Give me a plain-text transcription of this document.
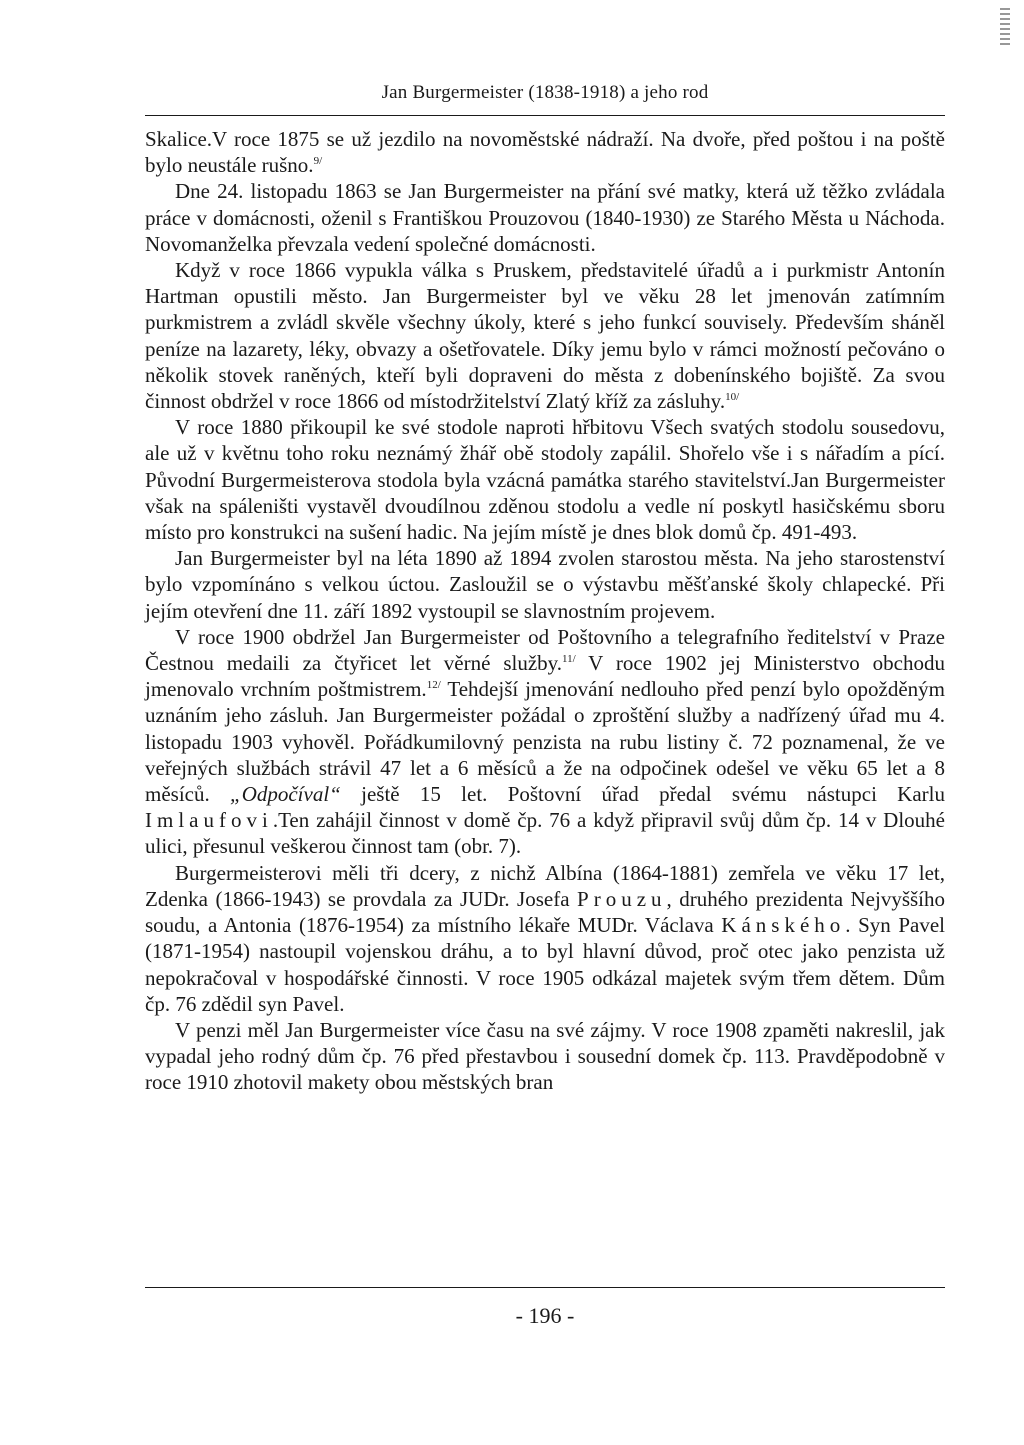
Jan Burgermeister (1838-1918) a jeho rod

Skalice.V roce 1875 se už jezdilo na novoměstské nádraží. Na dvoře, před poštou i na poště bylo neustále rušno.$^{9/}$

Dne 24. listopadu 1863 se Jan Burgermeister na přání své matky, která už těžko zvládala práce v domácnosti, oženil s Františkou Prouzovou (1840-1930) ze Starého Města u Náchoda. Novomanželka převzala vedení společné domácnosti.

Když v roce 1866 vypukla válka s Pruskem, představitelé úřadů a i purkmistr Antonín Hartman opustili město. Jan Burgermeister byl ve věku 28 let jmenován zatímním purkmistrem a zvládl skvěle všechny úkoly, které s jeho funkcí souvisely. Především sháněl peníze na lazarety, léky, obvazy a ošetřovatele. Díky jemu bylo v rámci možností pečováno o několik stovek raněných, kteří byli dopraveni do města z dobenínského bojiště. Za svou činnost obdržel v roce 1866 od místodržitelství Zlatý kříž za zásluhy.$^{10/}$

V roce 1880 přikoupil ke své stodole naproti hřbitovu Všech svatých stodolu sousedovu, ale už v květnu toho roku neznámý žhář obě stodoly zapálil. Shořelo vše i s nářadím a pící. Původní Burgermeisterova stodola byla vzácná památka starého stavitelství.Jan Burgermeister však na spáleništi vystavěl dvoudílnou zděnou stodolu a vedle ní poskytl hasičskému sboru místo pro konstrukci na sušení hadic. Na jejím místě je dnes blok domů čp. 491-493.

Jan Burgermeister byl na léta 1890 až 1894 zvolen starostou města. Na jeho starostenství bylo vzpomínáno s velkou úctou. Zasloužil se o výstavbu měšťanské školy chlapecké. Při jejím otevření dne 11. září 1892 vystoupil se slavnostním projevem.

V roce 1900 obdržel Jan Burgermeister od Poštovního a telegrafního ředitelství v Praze Čestnou medaili za čtyřicet let věrné služby.$^{11/}$ V roce 1902 jej Ministerstvo obchodu jmenovalo vrchním poštmistrem.$^{12/}$ Tehdejší jmenování nedlouho před penzí bylo opožděným uznáním jeho zásluh. Jan Burgermeister požádal o zproštění služby a nadřízený úřad mu 4. listopadu 1903 vyhověl. Pořádkumilovný penzista na rubu listiny č. 72 poznamenal, že ve veřejných službách strávil 47 let a 6 měsíců a že na odpočinek odešel ve věku 65 let a 8 měsíců. „Odpočíval“ ještě 15 let. Poštovní úřad předal svému nástupci Karlu Imlaufovi.Ten zahájil činnost v domě čp. 76 a když připravil svůj dům čp. 14 v Dlouhé ulici, přesunul veškerou činnost tam (obr. 7).

Burgermeisterovi měli tři dcery, z nichž Albína (1864-1881) zemřela ve věku 17 let, Zdenka (1866-1943) se provdala za JUDr. Josefa Prouzu, druhého prezidenta Nejvyššího soudu, a Antonia (1876-1954) za místního lékaře MUDr. Václava Kánského. Syn Pavel (1871-1954) nastoupil vojenskou dráhu, a to byl hlavní důvod, proč otec jako penzista už nepokračoval v hospodářské činnosti. V roce 1905 odkázal majetek svým třem dětem. Dům čp. 76 zdědil syn Pavel.

V penzi měl Jan Burgermeister více času na své zájmy. V roce 1908 zpaměti nakreslil, jak vypadal jeho rodný dům čp. 76 před přestavbou i sousední domek čp. 113. Pravděpodobně v roce 1910 zhotovil makety obou městských bran

- 196 -
